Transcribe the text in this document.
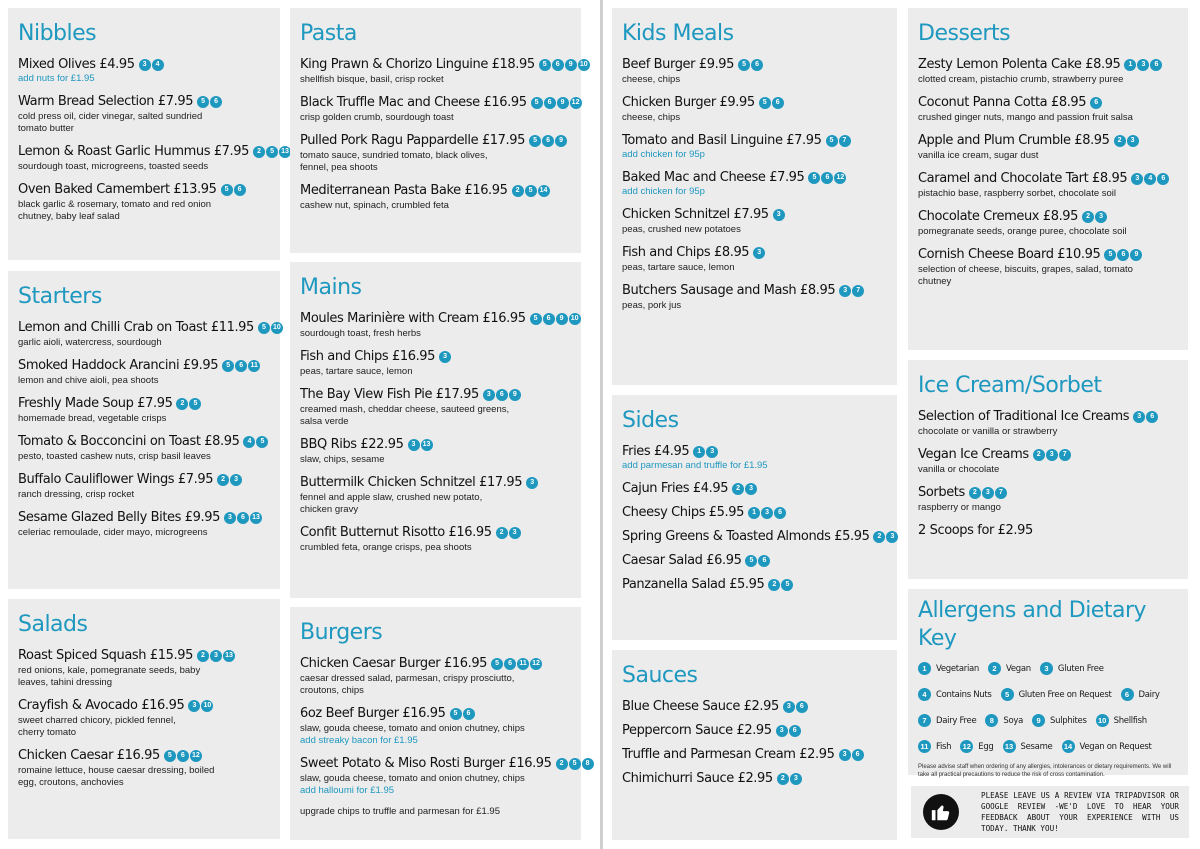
Nibbles
Mixed Olives £4.95	3	4
add nuts for £1.95
Warm Bread Selection £7.95	5	6
cold press oil, cider vinegar, salted sundried
tomato butter
Lemon & Roast Garlic Hummus £7.95	2	5	13
sourdough toast, microgreens, toasted seeds
Oven Baked Camembert £13.95	5	6
black garlic & rosemary, tomato and red onion
chutney, baby leaf salad
Starters
Lemon and Chilli Crab on Toast £11.95	5	10
garlic aioli, watercress, sourdough
Smoked Haddock Arancini £9.95	5	6	11
lemon and chive aioli, pea shoots
Freshly Made Soup £7.95	2	5
homemade bread, vegetable crisps
Tomato & Bocconcini on Toast £8.95	4	5
pesto, toasted cashew nuts, crisp basil leaves
Buffalo Cauliflower Wings £7.95	2	3
ranch dressing, crisp rocket
Sesame Glazed Belly Bites £9.95	3	6	13
celeriac remoulade, cider mayo, microgreens
Salads
Roast Spiced Squash £15.95	2	3	13
red onions, kale, pomegranate seeds, baby
leaves, tahini dressing
Crayfish & Avocado £16.95	3	10
sweet charred chicory, pickled fennel,
cherry tomato
Chicken Caesar £16.95	5	6	12
romaine lettuce, house caesar dressing, boiled
egg, croutons, anchovies
Pasta
King Prawn & Chorizo Linguine £18.95	5	6	9	10
shellfish bisque, basil, crisp rocket
Black Truffle Mac and Cheese £16.95	5	6	9	12
crisp golden crumb, sourdough toast
Pulled Pork Ragu Pappardelle £17.95	5	6	9
tomato sauce, sundried tomato, black olives,
fennel, pea shoots
Mediterranean Pasta Bake £16.95	2	5	14
cashew nut, spinach, crumbled feta
Mains
Moules Marinière with Cream £16.95	5	6	9	10
sourdough toast, fresh herbs
Fish and Chips £16.95	3
peas, tartare sauce, lemon
The Bay View Fish Pie £17.95	3	6	9
creamed mash, cheddar cheese, sauteed greens,
salsa verde
BBQ Ribs £22.95	3	13
slaw, chips, sesame
Buttermilk Chicken Schnitzel £17.95	3
fennel and apple slaw, crushed new potato,
chicken gravy
Confit Butternut Risotto £16.95	2	3
crumbled feta, orange crisps, pea shoots
Burgers
Chicken Caesar Burger £16.95	5	6	11 12
caesar dressed salad, parmesan, crispy prosciutto,
croutons, chips
6oz Beef Burger £16.95	5	6
slaw, gouda cheese, tomato and onion chutney, chips
add streaky bacon for £1.95
Sweet Potato & Miso Rosti Burger £16.95	2	5	8
slaw, gouda cheese, tomato and onion chutney, chips
add halloumi for £1.95
upgrade chips to truffle and parmesan for £1.95
Kids Meals
Beef Burger £9.95	5	6
cheese, chips
Chicken Burger £9.95	5	6
cheese, chips
Tomato and Basil Linguine £7.95	5	7
add chicken for 95p
Baked Mac and Cheese £7.95	5	6	12
add chicken for 95p
Chicken Schnitzel £7.95	3
peas, crushed new potatoes
Fish and Chips £8.95	3
peas, tartare sauce, lemon
Butchers Sausage and Mash £8.95	3	7
peas, pork jus
Sides
Fries £4.95	1	3
add parmesan and truffle for £1.95
Cajun Fries £4.95	2	3
Cheesy Chips £5.95	1	3	6
Spring Greens & Toasted Almonds £5.95	2	3
Caesar Salad £6.95	5	6
Panzanella Salad £5.95	2	5
Sauces
Blue Cheese Sauce £2.95	3	6
Peppercorn Sauce £2.95	3	6
Truffle and Parmesan Cream £2.95	3	6
Chimichurri Sauce £2.95	2	3
Desserts
Zesty Lemon Polenta Cake £8.95	1	3	6
clotted cream, pistachio crumb, strawberry puree
Coconut Panna Cotta £8.95	6
crushed ginger nuts, mango and passion fruit salsa
Apple and Plum Crumble £8.95	2	3
vanilla ice cream, sugar dust
Caramel and Chocolate Tart £8.95	3	4	6
pistachio base, raspberry sorbet, chocolate soil
Chocolate Cremeux £8.95	2	3
pomegranate seeds, orange puree, chocolate soil
Cornish Cheese Board £10.95	5	6	9
selection of cheese, biscuits, grapes, salad, tomato
chutney
Ice Cream/Sorbet
Selection of Traditional Ice Creams	3	6
chocolate or vanilla or strawberry
Vegan Ice Creams	2	3	7
vanilla or chocolate
Sorbets	2	3	7
raspberry or mango
2 Scoops for £2.95
Allergens and Dietary Key
1	Vegetarian	2	Vegan	3	Gluten Free
4	Contains Nuts	5	Gluten Free on Request	6	Dairy
7	Dairy Free	8	Soya	9	Sulphites	10 Shellfish
11 Fish	12 Egg	13 Sesame	14 Vegan on Request
Please advise staff when ordering of any allergies, intolerances or dietary requirements. We will take all practical precautions to reduce the risk of cross contamination.
PLEASE LEAVE US A REVIEW VIA TRIPADVISOR OR GOOGLE REVIEW -WE'D LOVE TO HEAR YOUR FEEDBACK ABOUT YOUR EXPERIENCE WITH US TODAY. THANK YOU!
